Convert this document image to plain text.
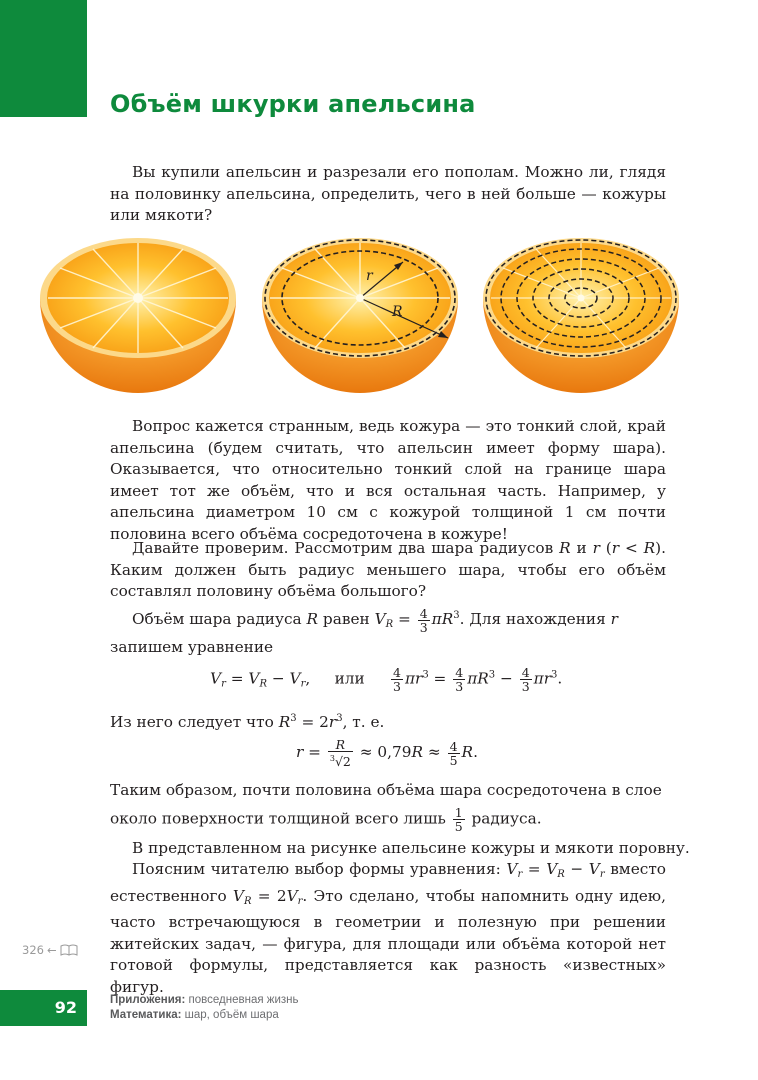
Объём шкурки апельсина

Вы купили апельсин и разрезали его пополам. Можно ли, глядя на половинку апельсина, определить, чего в ней больше — кожуры или мякоти?

r
R

Вопрос кажется странным, ведь кожура — это тонкий слой, край апельсина (будем считать, что апельсин имеет форму шара). Оказывается, что относительно тонкий слой на границе шара имеет тот же объём, что и вся остальная часть. Например, у апельсина диаметром 10 см с кожурой толщиной 1 см почти половина всего объёма сосредоточена в кожуре!

Давайте проверим. Рассмотрим два шара радиусов R и r (r < R). Каким должен быть радиус меньшего шара, чтобы его объём составлял половину объёма большого?

Объём шара радиуса R равен $V_R = \frac{4}{3} \pi R^3$. Для нахождения r
запишем уравнение
$V_r = V_R - V_r$,     или $\frac{4}{3} \pi r^3 = \frac{4}{3} \pi R^3 - \frac{4}{3} \pi r^3$.
Из него следует что $R^3 = 2r^3$, т. е.
$r = \frac{R}{^3√2} \approx 0,79R \approx \frac{4}{5} R$.
Таким образом, почти половина объёма шара сосредоточена в слое
около поверхности толщиной всего лишь $\frac{1}{5}$ радиуса.
В представленном на рисунке апельсине кожуры и мякоти поровну.

Поясним читателю выбор формы уравнения: $V_r = V_R - V_r$ вместо естественного $V_R = 2V_r$. Это сделано, чтобы напомнить одну идею, часто встречающуюся в геометрии и полезную при решении житейских задач, — фигура, для площади или объёма которой нет готовой формулы, представляется как разность «известных» фигур.

326 ←
92	Приложения: повседневная жизнь
Математика: шар, объём шара
